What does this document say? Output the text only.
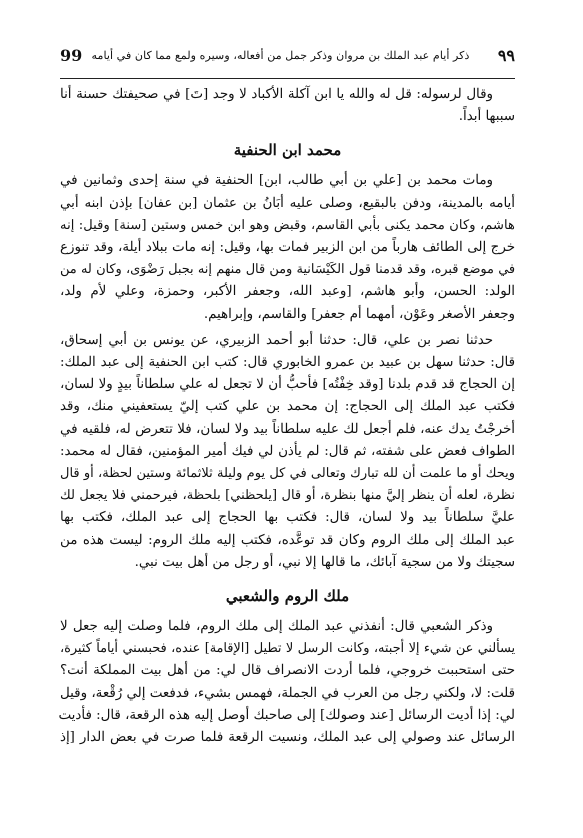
٩٩
ذكر أيام عبد الملك بن مروان وذكر جمل من أفعاله، وسيره ولمع مما كان في أيامه
99
وقال لرسوله: قل له والله يا ابن آكلة الأكباد لا وجد [تَ] في صحيفتك حسنة أنا
سببها أبداً.
محمد ابن الحنفية
ومات محمد بن [علي بن أبي طالب، ابن] الحنفية في سنة إحدى وثمانين في
أيامه بالمدينة، ودفن بالبقيع، وصلى عليه أبَانُ بن عثمان [بن عفان] بإذن ابنه أبي
هاشم، وكان محمد يكنى بأبي القاسم، وقبض وهو ابن خمس وستين [سنة] وقيل: إنه
خرج إلى الطائف هارباً من ابن الزبير فمات بها، وقيل: إنه مات ببلاد أيلة، وقد تنوزع
في موضع قبره، وقد قدمنا قول الكَيْسَانية ومن قال منهم إنه بجبل رَضْوَى، وكان له من
الولد: الحسن، وأبو هاشم، [وعبد الله، وجعفر الأكبر، وحمزة، وعلي لأم ولد،
وجعفر الأصغر وعَوْن، أمهما أم جعفر] والقاسم، وإبراهيم.
حدثنا نصر بن علي، قال: حدثنا أبو أحمد الزبيري، عن يونس بن أبي إسحاق،
قال: حدثنا سهل بن عبيد بن عمرو الخابوري قال: كتب ابن الحنفية إلى عبد الملك:
إن الحجاج قد قدم بلدنا [وقد خِفْتُه] فأحبُّ أن لا تجعل له علي سلطاناً بيدٍ ولا لسان،
فكتب عبد الملك إلى الحجاج: إن محمد بن علي كتب إليّ يستعفيني منك، وقد
أخرجْتُ يدك عنه، فلم أجعل لك عليه سلطاناً بيد ولا لسان، فلا تتعرض له، فلقيه في
الطواف فعض على شفته، ثم قال: لم يأذن لي فيك أمير المؤمنين، فقال له محمد:
ويحك أو ما علمت أن لله تبارك وتعالى في كل يوم وليلة ثلاثمائة وستين لحظة، أو قال
نظرة، لعله أن ينظر إليَّ منها بنظرة، أو قال [يلحظني] بلحظة، فيرحمني فلا يجعل لك
عليَّ سلطاناً بيد ولا لسان، قال: فكتب بها الحجاج إلى عبد الملك، فكتب بها
عبد الملك إلى ملك الروم وكان قد توعَّده، فكتب إليه ملك الروم: ليست هذه من
سجيتك ولا من سجية آبائك، ما قالها إلا نبي، أو رجل من أهل بيت نبي.
ملك الروم والشعبي
وذكر الشعبي قال: أنفذني عبد الملك إلى ملك الروم، فلما وصلت إليه جعل لا
يسألني عن شيء إلا أجبته، وكانت الرسل لا تطيل [الإقامة] عنده، فحبسني أياماً كثيرة،
حتى استحببت خروجي، فلما أردت الانصراف قال لي: من أهل بيت المملكة أنت؟
قلت: لا، ولكني رجل من العرب في الجملة، فهمس بشيء، فدفعت إلي رُقْعة، وقيل
لي: إذا أديت الرسائل [عند وصولك] إلى صاحبك أوصل إليه هذه الرقعة، قال: فأديت
الرسائل عند وصولي إلى عبد الملك، ونسيت الرقعة فلما صرت في بعض الدار [إذ
